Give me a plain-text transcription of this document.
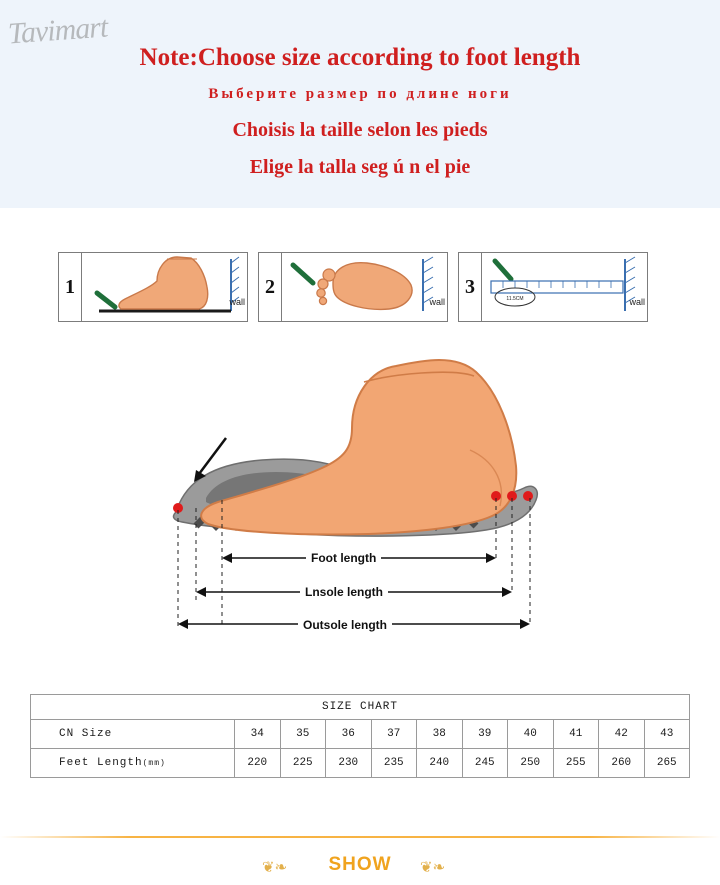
Note:Choose size according to foot length
Выберите размер по длине ноги
Choisis la taille selon les pieds
Elige la talla seg ú n el pie
Tavimart
1
wall
2
wall
3
11.5CM	wall
Foot length
Lnsole length
Outsole length
SIZE CHART										
CN Size	34	35	36	37	38	39	40	41	42	43
Feet Length(mm)	220	225	230	235	240	245	250	255	260	265
❦❧	SHOW	❦❧
